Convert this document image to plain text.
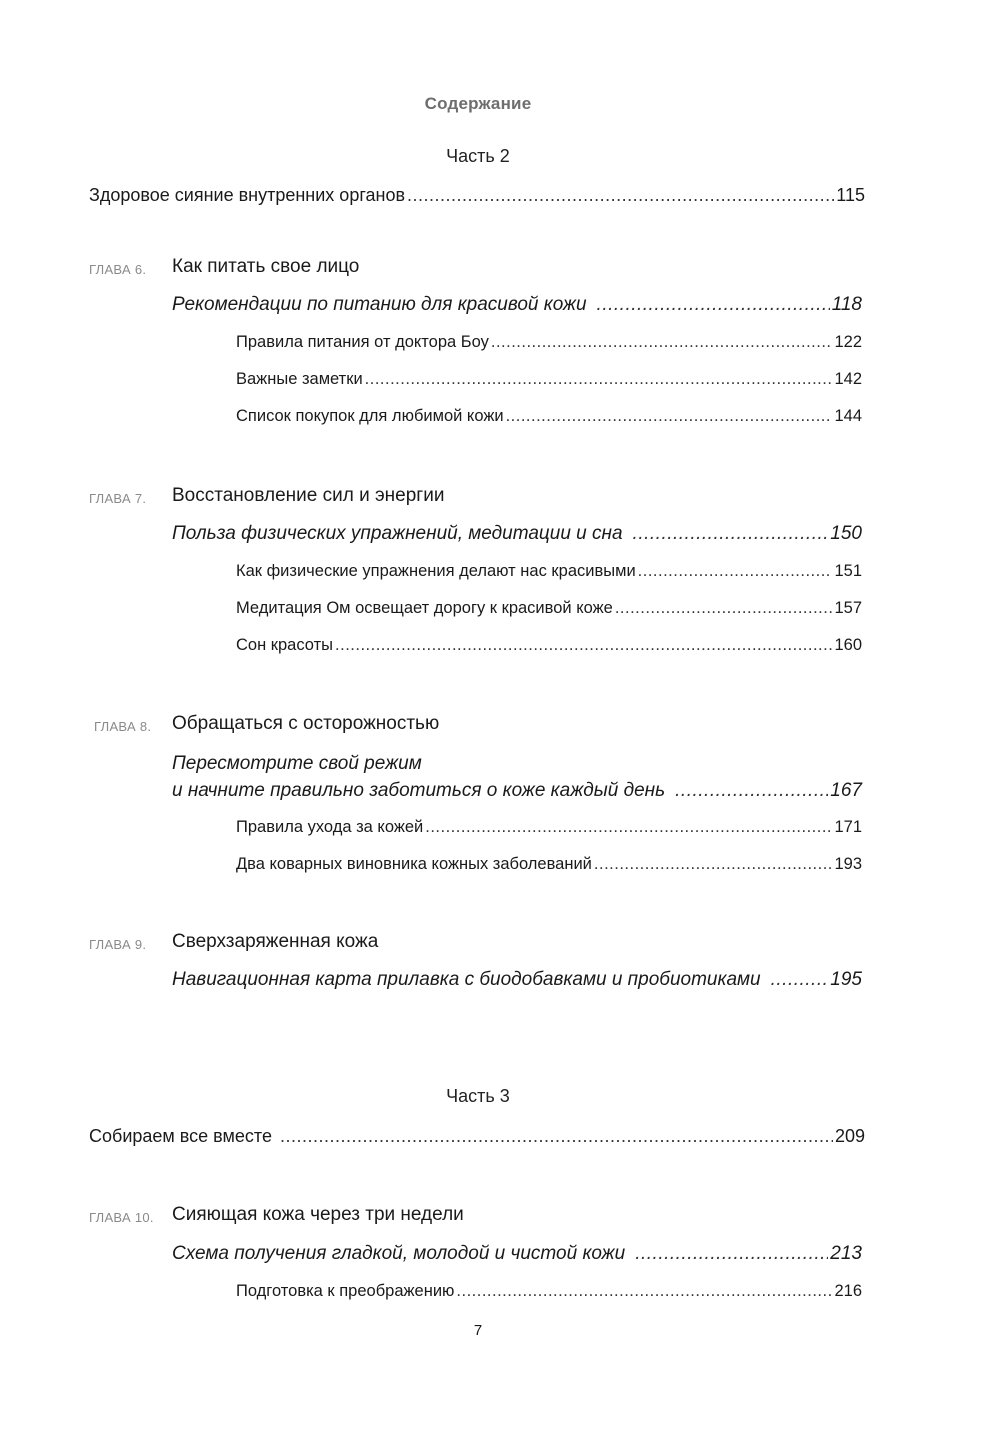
Содержание
Часть 2
Здоровое сияние внутренних органов .....	115
ГЛАВА 6. Как питать свое лицо
Рекомендации по питанию для красивой кожи .....	118
Правила питания от доктора Боу .....	122
Важные заметки .....	142
Список покупок для любимой кожи .....	144
ГЛАВА 7. Восстановление сил и энергии
Польза физических упражнений, медитации и сна .....	150
Как физические упражнения делают нас красивыми .....	151
Медитация Ом освещает дорогу к красивой коже .....	157
Сон красоты .....	160
ГЛАВА 8. Обращаться с осторожностью
Пересмотрите свой режим
и начните правильно заботиться о коже каждый день .....	167
Правила ухода за кожей .....	171
Два коварных виновника кожных заболеваний .....	193
ГЛАВА 9. Сверхзаряженная кожа
Навигационная карта прилавка с биодобавками и пробиотиками .....	195
Часть 3
Собираем все вместе .....	209
ГЛАВА 10. Сияющая кожа через три недели
Схема получения гладкой, молодой и чистой кожи .....	213
Подготовка к преображению .....	216
7
